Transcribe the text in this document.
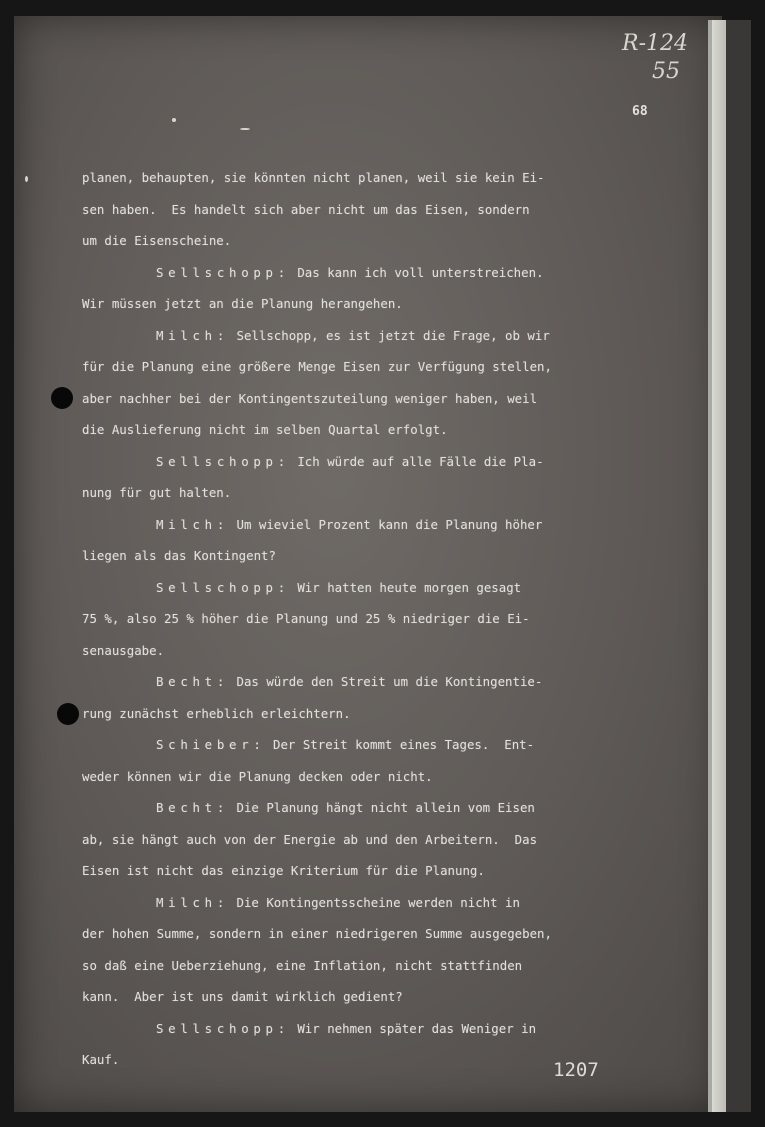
R-124
55
68
planen, behaupten, sie könnten nicht planen, weil sie kein Ei-
sen haben.  Es handelt sich aber nicht um das Eisen, sondern
um die Eisenscheine.
Sellschopp: Das kann ich voll unterstreichen.
Wir müssen jetzt an die Planung herangehen.
Milch: Sellschopp, es ist jetzt die Frage, ob wir
für die Planung eine größere Menge Eisen zur Verfügung stellen,
aber nachher bei der Kontingentszuteilung weniger haben, weil
die Auslieferung nicht im selben Quartal erfolgt.
Sellschopp: Ich würde auf alle Fälle die Pla-
nung für gut halten.
Milch: Um wieviel Prozent kann die Planung höher
liegen als das Kontingent?
Sellschopp: Wir hatten heute morgen gesagt
75 %, also 25 % höher die Planung und 25 % niedriger die Ei-
senausgabe.
Becht: Das würde den Streit um die Kontingentie-
rung zunächst erheblich erleichtern.
Schieber: Der Streit kommt eines Tages.  Ent-
weder können wir die Planung decken oder nicht.
Becht: Die Planung hängt nicht allein vom Eisen
ab, sie hängt auch von der Energie ab und den Arbeitern.  Das
Eisen ist nicht das einzige Kriterium für die Planung.
Milch: Die Kontingentsscheine werden nicht in
der hohen Summe, sondern in einer niedrigeren Summe ausgegeben,
so daß eine Ueberziehung, eine Inflation, nicht stattfinden
kann.  Aber ist uns damit wirklich gedient?
Sellschopp: Wir nehmen später das Weniger in
Kauf.	1207
